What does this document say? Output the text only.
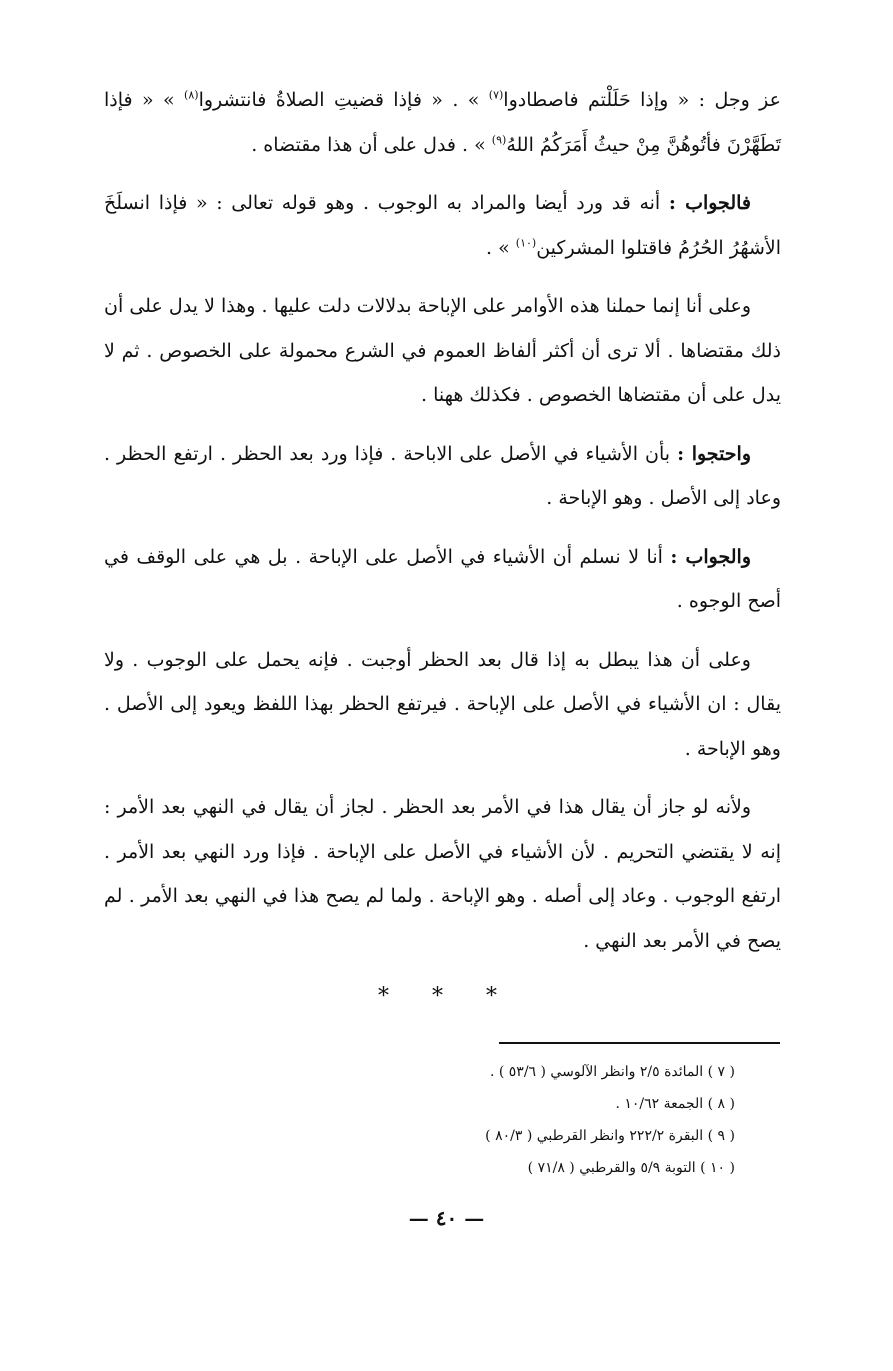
عز وجل : « وإذا حَلَلْتم فاصطادوا$^{(٧)}$ » . « فإذا قضيتِ الصلاةُ فانتشروا$^{(٨)}$ » « فإذا تَطَهَّرْنَ فأتُوهُنَّ مِنْ حيثُ أَمَرَكُمُ اللهُ$^{(٩)}$ » . فدل على أن هذا مقتضاه .

فالجواب : أنه قد ورد أيضا والمراد به الوجوب . وهو قوله تعالى : « فإذا انسلَخَ الأشهُرُ الحُرُمُ فاقتلوا المشركين$^{(١٠)}$ » .

وعلى أنا إنما حملنا هذه الأوامر على الإباحة بدلالات دلت عليها . وهذا لا يدل على أن ذلك مقتضاها . ألا ترى أن أكثر ألفاظ العموم في الشرع محمولة على الخصوص . ثم لا يدل على أن مقتضاها الخصوص . فكذلك ههنا .

واحتجوا : بأن الأشياء في الأصل على الاباحة . فإذا ورد بعد الحظر . ارتفع الحظر . وعاد إلى الأصل . وهو الإباحة .

والجواب : أنا لا نسلم أن الأشياء في الأصل على الإباحة . بل هي على الوقف في أصح الوجوه .

وعلى أن هذا يبطل به إذا قال بعد الحظر أوجبت . فإنه يحمل على الوجوب . ولا يقال : ان الأشياء في الأصل على الإباحة . فيرتفع الحظر بهذا اللفظ ويعود إلى الأصل . وهو الإباحة .

ولأنه لو جاز أن يقال هذا في الأمر بعد الحظر . لجاز أن يقال في النهي بعد الأمر : إنه لا يقتضي التحريم . لأن الأشياء في الأصل على الإباحة . فإذا ورد النهي بعد الأمر . ارتفع الوجوب . وعاد إلى أصله . وهو الإباحة . ولما لم يصح هذا في النهي بعد الأمر . لم يصح في الأمر بعد النهي .

* * *
( ٧ ) المائدة ٢/٥ وانظر الآلوسي ( ٥٣/٦ ) .
( ٨ ) الجمعة ١٠/٦٢ .
( ٩ ) البقرة ٢٢٢/٢ وانظر القرطبي ( ٨٠/٣ )
( ١٠ ) التوبة ٥/٩ والقرطبي ( ٧١/٨ )
— ٤٠ —
